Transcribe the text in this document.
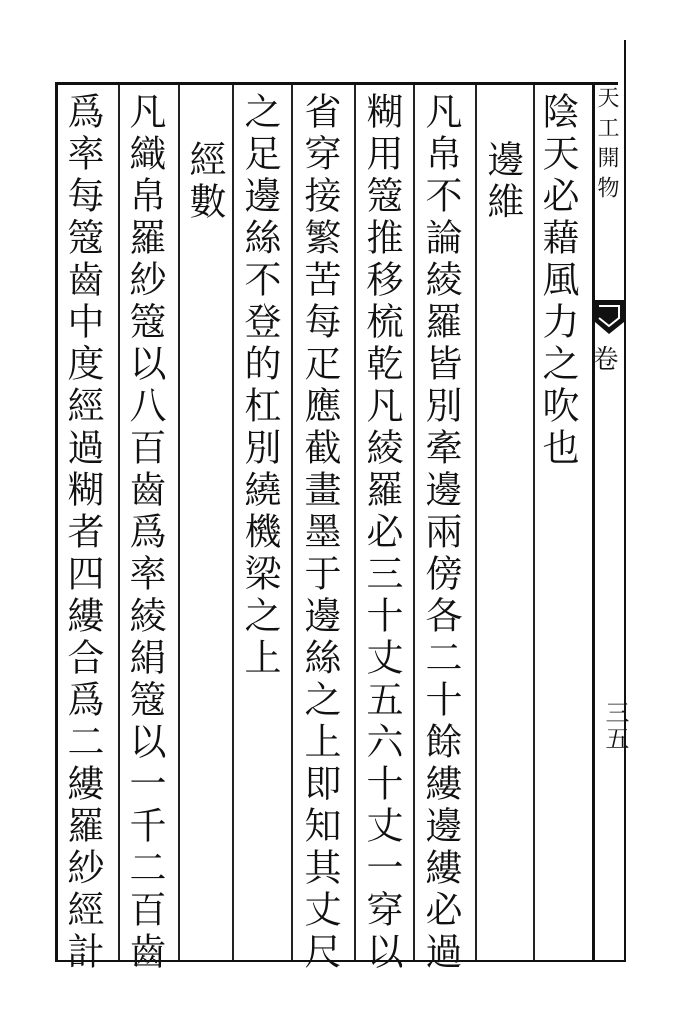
天工開物
卷
三五
陰天必藉風力之吹也
邊維
凡帛不論綾羅皆別牽邊兩傍各二十餘縷邊縷必過
糊用簆推移梳乾凡綾羅必三十丈五六十丈一穿以
省穿接繁苦每疋應截畫墨于邊絲之上即知其丈尺
之足邊絲不登的杠別繞機梁之上
經數
凡織帛羅紗簆以八百齒爲率綾絹簆以一千二百齒
爲率每簆齒中度經過糊者四縷合爲二縷羅紗經計
